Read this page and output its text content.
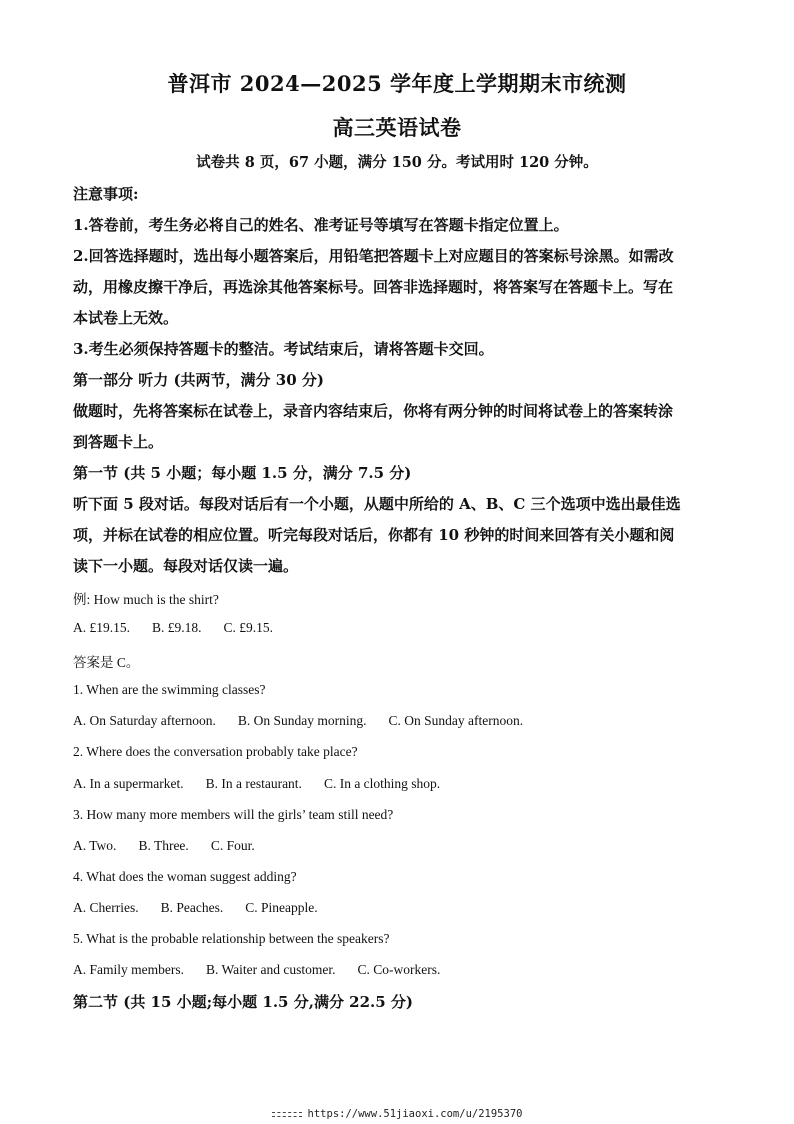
普洱市 2024—2025 学年度上学期期末市统测
高三英语试卷
试卷共 8 页，67 小题，满分 150 分。考试用时 120 分钟。
注意事项:
1.答卷前，考生务必将自己的姓名、准考证号等填写在答题卡指定位置上。
2.回答选择题时，选出每小题答案后，用铅笔把答题卡上对应题目的答案标号涂黑。如需改
动，用橡皮擦干净后，再选涂其他答案标号。回答非选择题时，将答案写在答题卡上。写在
本试卷上无效。
3.考生必须保持答题卡的整洁。考试结束后，请将答题卡交回。
第一部分 听力 (共两节，满分 30 分)
做题时，先将答案标在试卷上，录音内容结束后，你将有两分钟的时间将试卷上的答案转涂
到答题卡上。
第一节 (共 5 小题；每小题 1.5 分，满分 7.5 分)
听下面 5 段对话。每段对话后有一个小题，从题中所给的 A、B、C 三个选项中选出最佳选
项，并标在试卷的相应位置。听完每段对话后，你都有 10 秒钟的时间来回答有关小题和阅
读下一小题。每段对话仅读一遍。
例: How much is the shirt?
A. £19.15. B. £9.18. C. £9.15.
答案是 C。
1. When are the swimming classes?
A. On Saturday afternoon. B. On Sunday morning. C. On Sunday afternoon.
2. Where does the conversation probably take place?
A. In a supermarket. B. In a restaurant. C. In a clothing shop.
3. How many more members will the girls’ team still need?
A. Two. B. Three. C. Four.
4. What does the woman suggest adding?
A. Cherries. B. Peaches. C. Pineapple.
5. What is the probable relationship between the speakers?
A. Family members. B. Waiter and customer. C. Co-workers.
第二节 (共 15 小题;每小题 1.5 分,满分 22.5 分)
https://www.51jiaoxi.com/u/2195370
